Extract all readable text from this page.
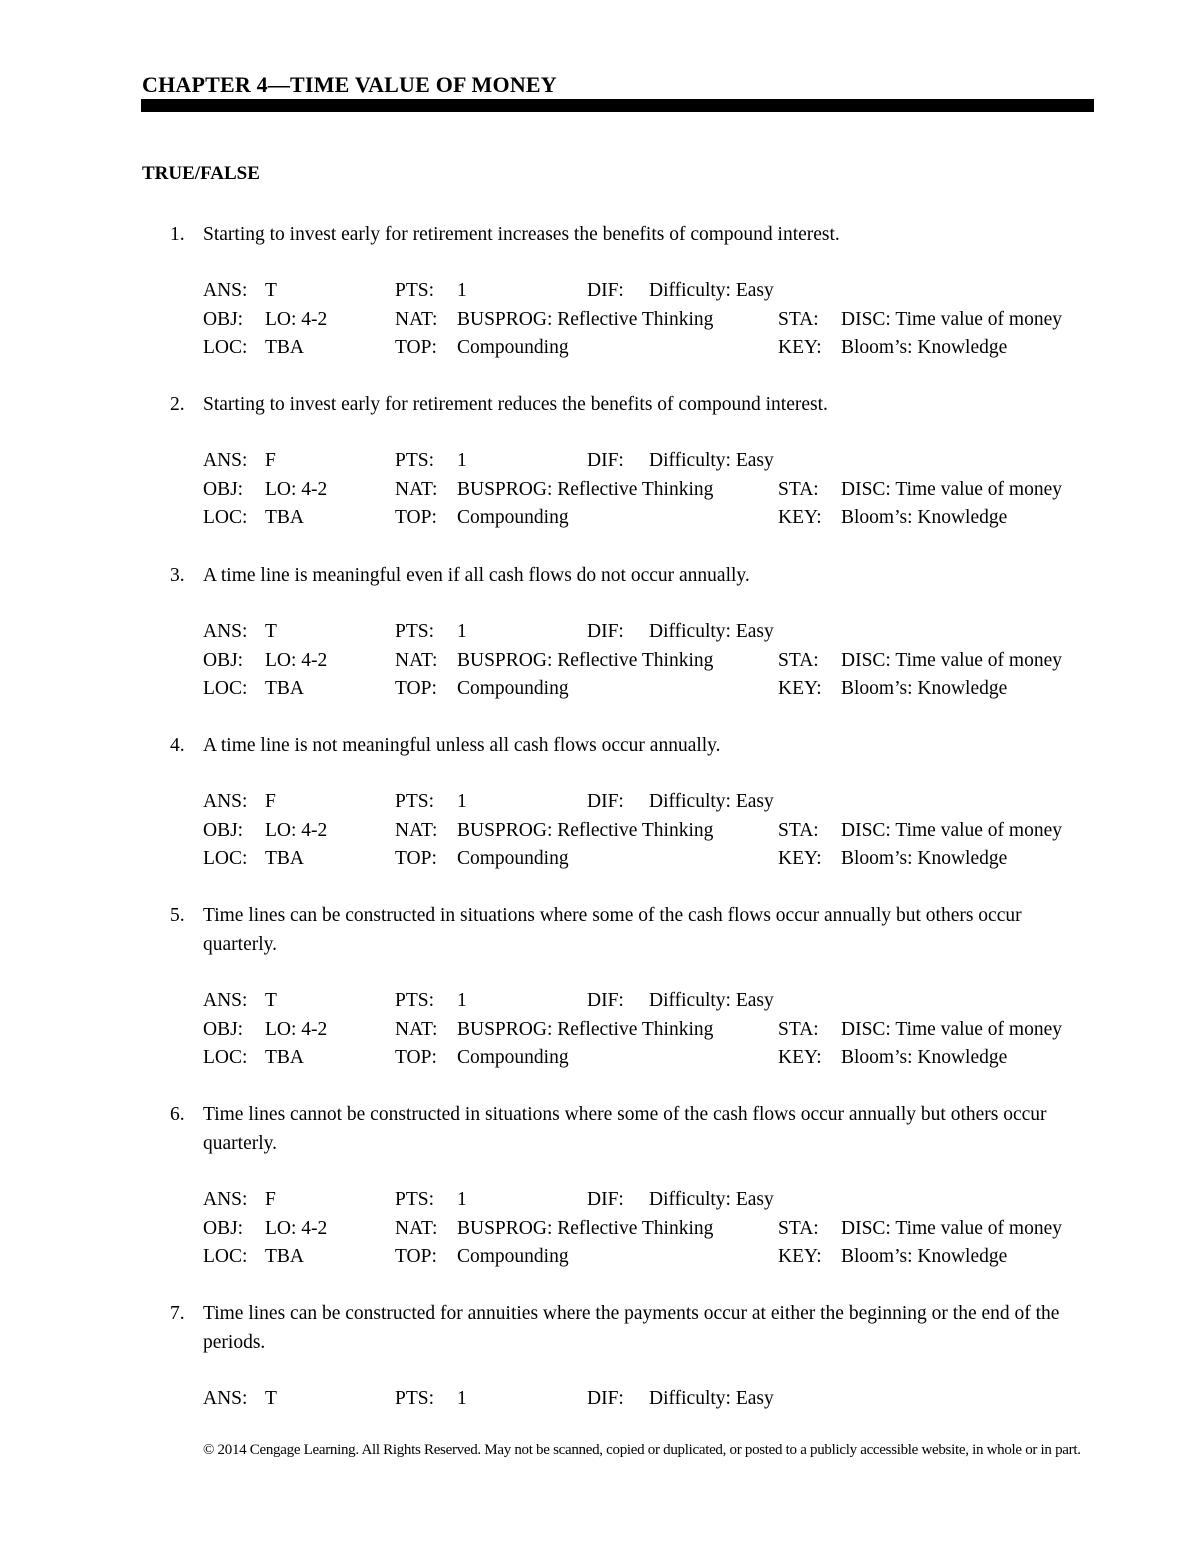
CHAPTER 4—TIME VALUE OF MONEY
TRUE/FALSE
1. Starting to invest early for retirement increases the benefits of compound interest.
ANS: T	PTS: 1	DIF: Difficulty: Easy
OBJ: LO: 4-2	NAT: BUSPROG: Reflective Thinking	STA: DISC: Time value of money
LOC: TBA	TOP: Compounding	KEY: Bloom’s: Knowledge
2. Starting to invest early for retirement reduces the benefits of compound interest.
ANS: F	PTS: 1	DIF: Difficulty: Easy
OBJ: LO: 4-2	NAT: BUSPROG: Reflective Thinking	STA: DISC: Time value of money
LOC: TBA	TOP: Compounding	KEY: Bloom’s: Knowledge
3. A time line is meaningful even if all cash flows do not occur annually.
ANS: T	PTS: 1	DIF: Difficulty: Easy
OBJ: LO: 4-2	NAT: BUSPROG: Reflective Thinking	STA: DISC: Time value of money
LOC: TBA	TOP: Compounding	KEY: Bloom’s: Knowledge
4. A time line is not meaningful unless all cash flows occur annually.
ANS: F	PTS: 1	DIF: Difficulty: Easy
OBJ: LO: 4-2	NAT: BUSPROG: Reflective Thinking	STA: DISC: Time value of money
LOC: TBA	TOP: Compounding	KEY: Bloom’s: Knowledge
5. Time lines can be constructed in situations where some of the cash flows occur annually but others occur quarterly.
ANS: T	PTS: 1	DIF: Difficulty: Easy
OBJ: LO: 4-2	NAT: BUSPROG: Reflective Thinking	STA: DISC: Time value of money
LOC: TBA	TOP: Compounding	KEY: Bloom’s: Knowledge
6. Time lines cannot be constructed in situations where some of the cash flows occur annually but others occur quarterly.
ANS: F	PTS: 1	DIF: Difficulty: Easy
OBJ: LO: 4-2	NAT: BUSPROG: Reflective Thinking	STA: DISC: Time value of money
LOC: TBA	TOP: Compounding	KEY: Bloom’s: Knowledge
7. Time lines can be constructed for annuities where the payments occur at either the beginning or the end of the periods.
ANS: T	PTS: 1	DIF: Difficulty: Easy
© 2014 Cengage Learning. All Rights Reserved. May not be scanned, copied or duplicated, or posted to a publicly accessible website, in whole or in part.
